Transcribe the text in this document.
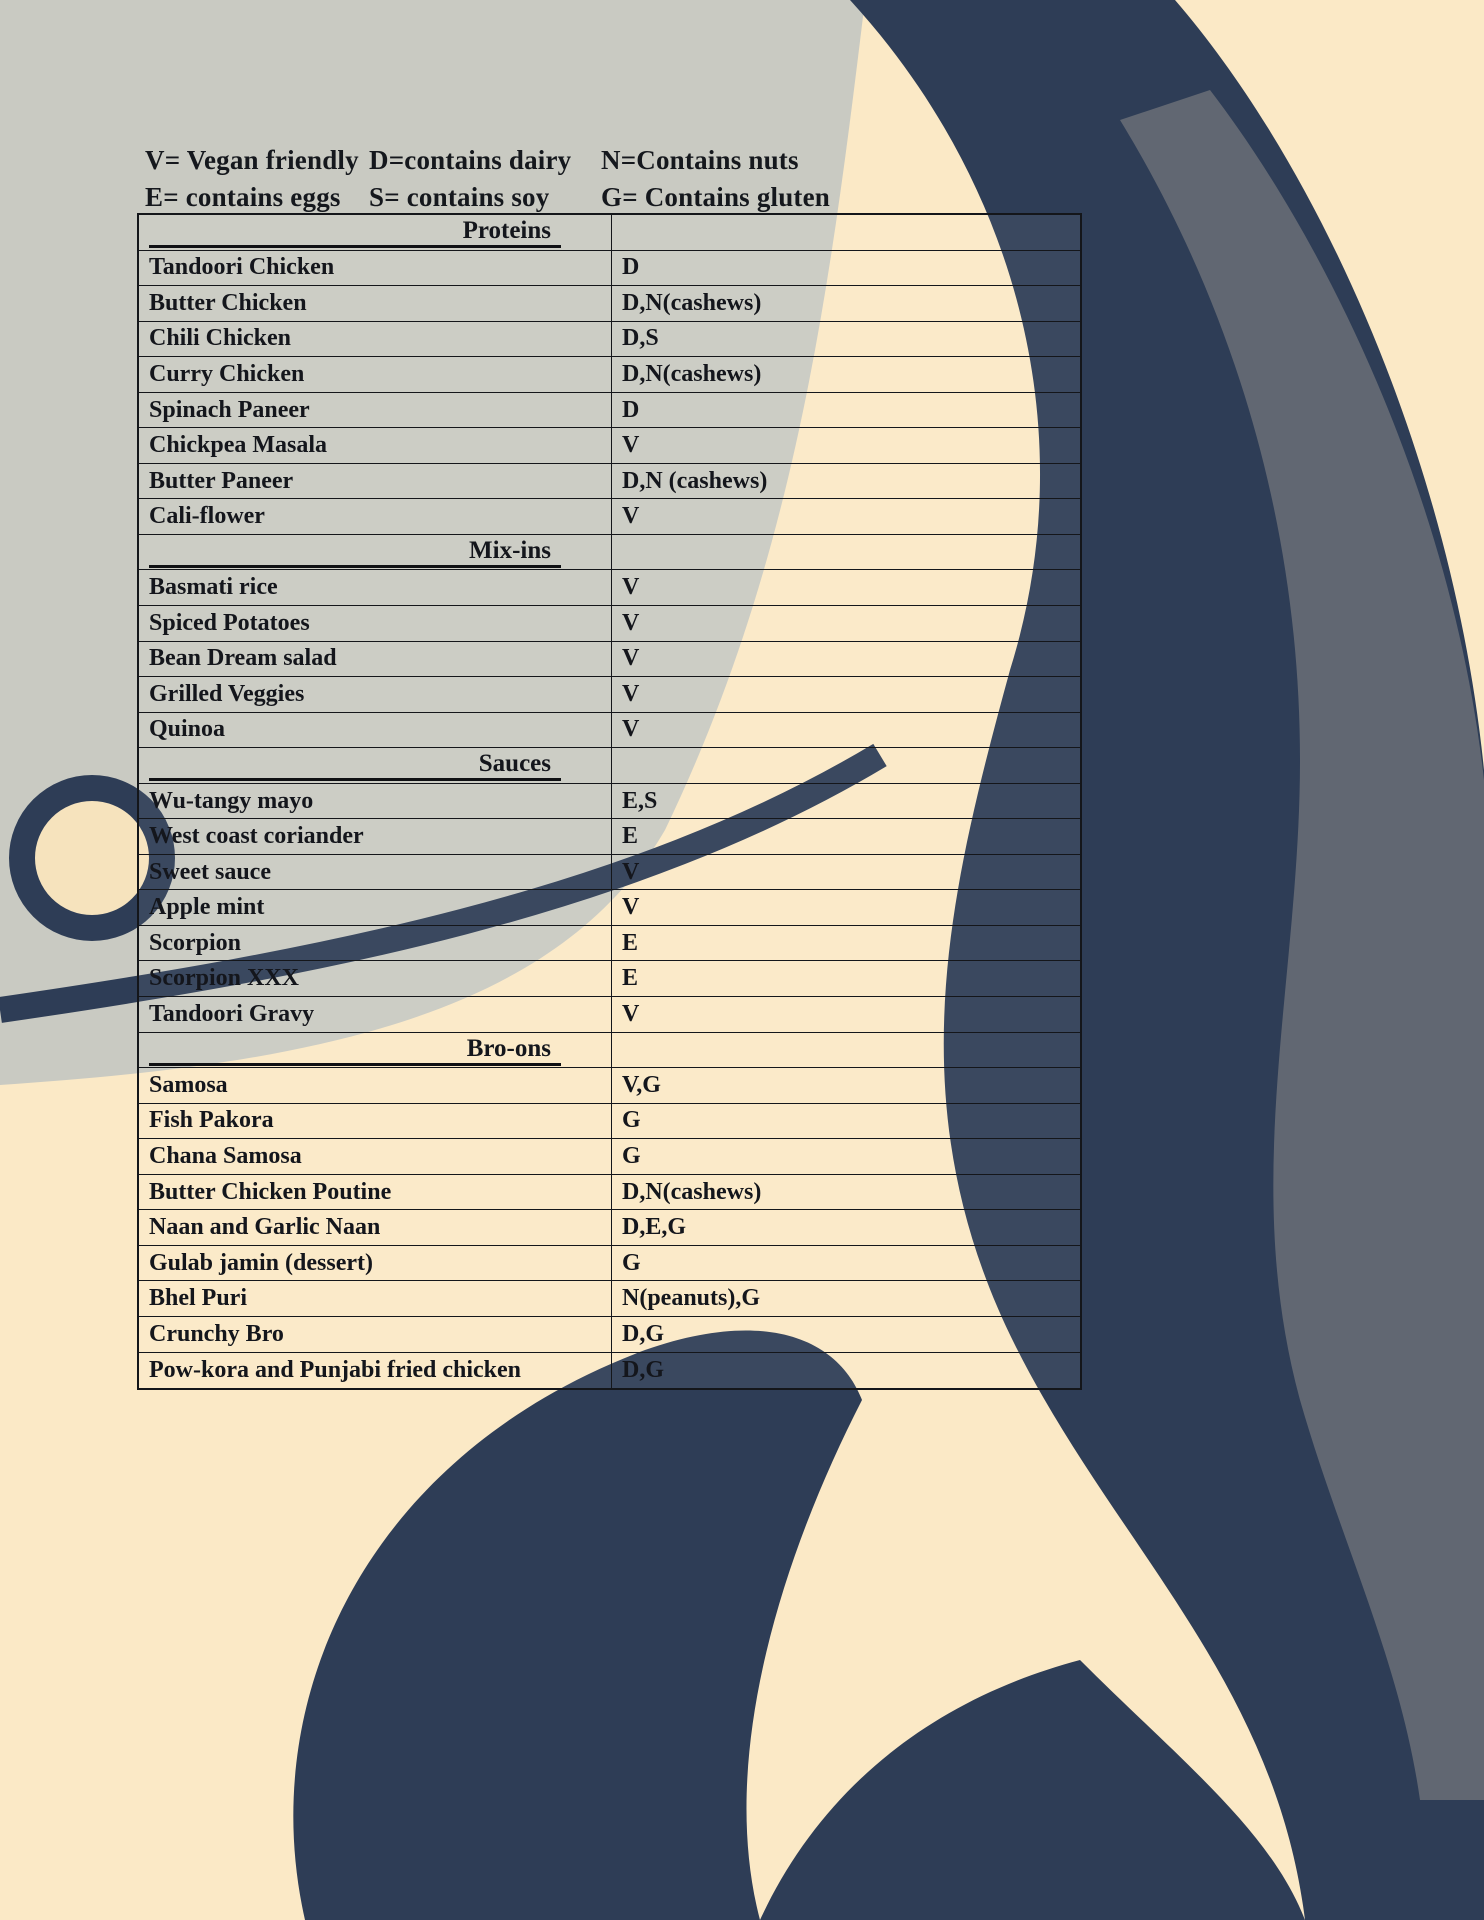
V= Vegan friendly D=contains dairy	N=Contains nuts
E= contains eggs	S= contains soy	G= Contains gluten
Proteins
Tandoori Chicken	D
Butter Chicken	D,N(cashews)
Chili Chicken	D,S
Curry Chicken	D,N(cashews)
Spinach Paneer	D
Chickpea Masala	V
Butter Paneer	D,N (cashews)
Cali-flower	V
Mix-ins
Basmati rice	V
Spiced Potatoes	V
Bean Dream salad	V
Grilled Veggies	V
Quinoa	V
Sauces
Wu-tangy mayo	E,S
West coast coriander	E
Sweet sauce	V
Apple mint	V
Scorpion	E
Scorpion XXX	E
Tandoori Gravy	V
Bro-ons
Samosa	V,G
Fish Pakora	G
Chana Samosa	G
Butter Chicken Poutine	D,N(cashews)
Naan and Garlic Naan	D,E,G
Gulab jamin (dessert)	G
Bhel Puri	N(peanuts),G
Crunchy Bro	D,G
Pow-kora and Punjabi fried chicken	D,G
